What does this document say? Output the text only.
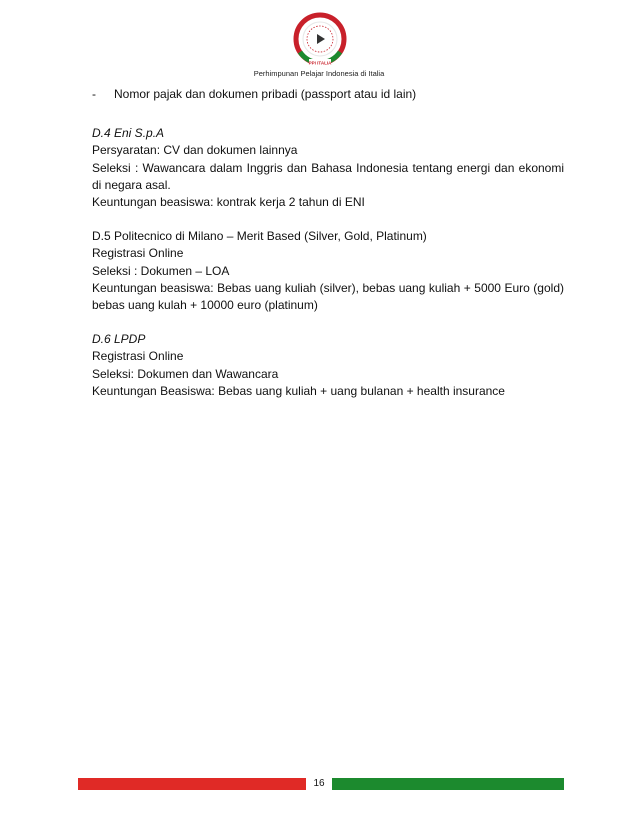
PPI ITALIA
Perhimpunan Pelajar Indonesia di Italia
-	Nomor pajak dan dokumen pribadi (passport atau id lain)

D.4 Eni S.p.A

Persyaratan: CV dan dokumen lainnya

Seleksi : Wawancara dalam Inggris dan Bahasa Indonesia tentang energi dan ekonomi di negara asal.

Keuntungan beasiswa: kontrak kerja 2 tahun di ENI

D.5 Politecnico di Milano – Merit Based (Silver, Gold, Platinum)

Registrasi Online

Seleksi : Dokumen – LOA

Keuntungan beasiswa: Bebas uang kuliah (silver), bebas uang kuliah + 5000 Euro (gold) bebas uang kulah + 10000 euro (platinum)

D.6 LPDP

Registrasi Online

Seleksi: Dokumen dan Wawancara

Keuntungan Beasiswa: Bebas uang kuliah + uang bulanan + health insurance

16
